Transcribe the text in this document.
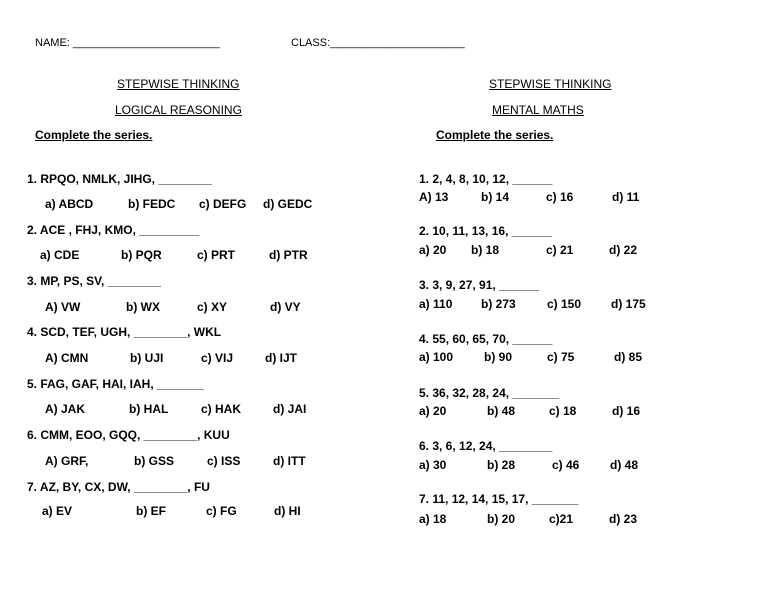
NAME: ________________________	CLASS:______________________
STEPWISE THINKING
LOGICAL REASONING
Complete the series.
STEPWISE THINKING
MENTAL MATHS
Complete the series.
1. RPQO, NMLK, JIHG, ________
a) ABCD	b) FEDC c) DEFG d) GEDC
2. ACE , FHJ, KMO, _________
a) CDE	b) PQR	c) PRT	d) PTR
3. MP, PS, SV, ________
A) VW	b) WX	c) XY	d) VY
4. SCD, TEF, UGH, ________, WKL
A) CMN	b) UJI	c) VIJ	d) IJT
5. FAG, GAF, HAI, IAH, _______
A) JAK	b) HAL	c) HAK	d) JAI
6. CMM, EOO, GQQ, ________, KUU
A) GRF,	b) GSS	c) ISS	d) ITT
7. AZ, BY, CX, DW, ________, FU
a) EV	b) EF	c) FG	d) HI
1. 2, 4, 8, 10, 12, ______
A) 13	b) 14	c) 16	d) 11
2. 10, 11, 13, 16, ______
a) 20 b) 18	c) 21	d) 22
3. 3, 9, 27, 91, ______
a) 110 b) 273	c) 150 d) 175
4. 55, 60, 65, 70, ______
a) 100	b) 90	c) 75	d) 85
5. 36, 32, 28, 24, _______
a) 20	b) 48	c) 18	d) 16
6. 3, 6, 12, 24, ________
a) 30	b) 28	c) 46	d) 48
7. 11, 12, 14, 15, 17, _______
a) 18	b) 20	c)21	d) 23
